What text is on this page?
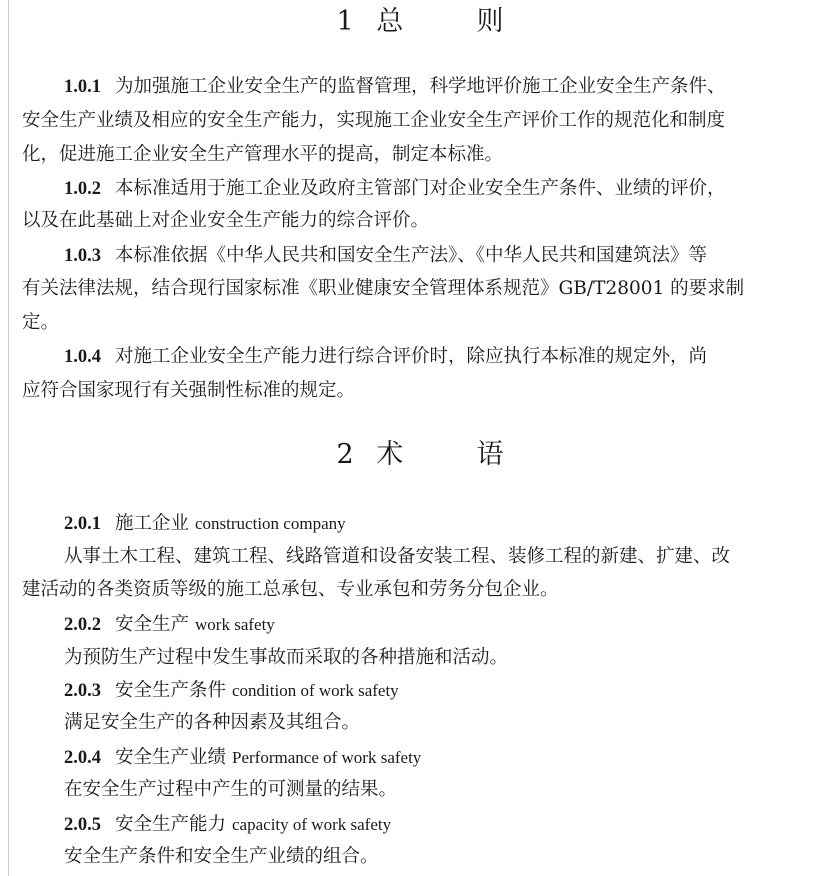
1 总	则
1.0.1 为加强施工企业安全生产的监督管理，科学地评价施工企业安全生产条件、
安全生产业绩及相应的安全生产能力，实现施工企业安全生产评价工作的规范化和制度
化，促进施工企业安全生产管理水平的提高，制定本标准。
1.0.2 本标准适用于施工企业及政府主管部门对企业安全生产条件、业绩的评价，
以及在此基础上对企业安全生产能力的综合评价。
1.0.3 本标准依据《中华人民共和国安全生产法》、《中华人民共和国建筑法》等
有关法律法规，结合现行国家标准《职业健康安全管理体系规范》GB/T28001 的要求制
定。
1.0.4 对施工企业安全生产能力进行综合评价时，除应执行本标准的规定外，尚
应符合国家现行有关强制性标准的规定。
2 术	语
2.0.1 施工企业 construction company
从事土木工程、建筑工程、线路管道和设备安装工程、装修工程的新建、扩建、改
建活动的各类资质等级的施工总承包、专业承包和劳务分包企业。
2.0.2 安全生产 work safety
为预防生产过程中发生事故而采取的各种措施和活动。
2.0.3 安全生产条件 condition of work safety
满足安全生产的各种因素及其组合。
2.0.4 安全生产业绩 Performance of work safety
在安全生产过程中产生的可测量的结果。
2.0.5 安全生产能力 capacity of work safety
安全生产条件和安全生产业绩的组合。
